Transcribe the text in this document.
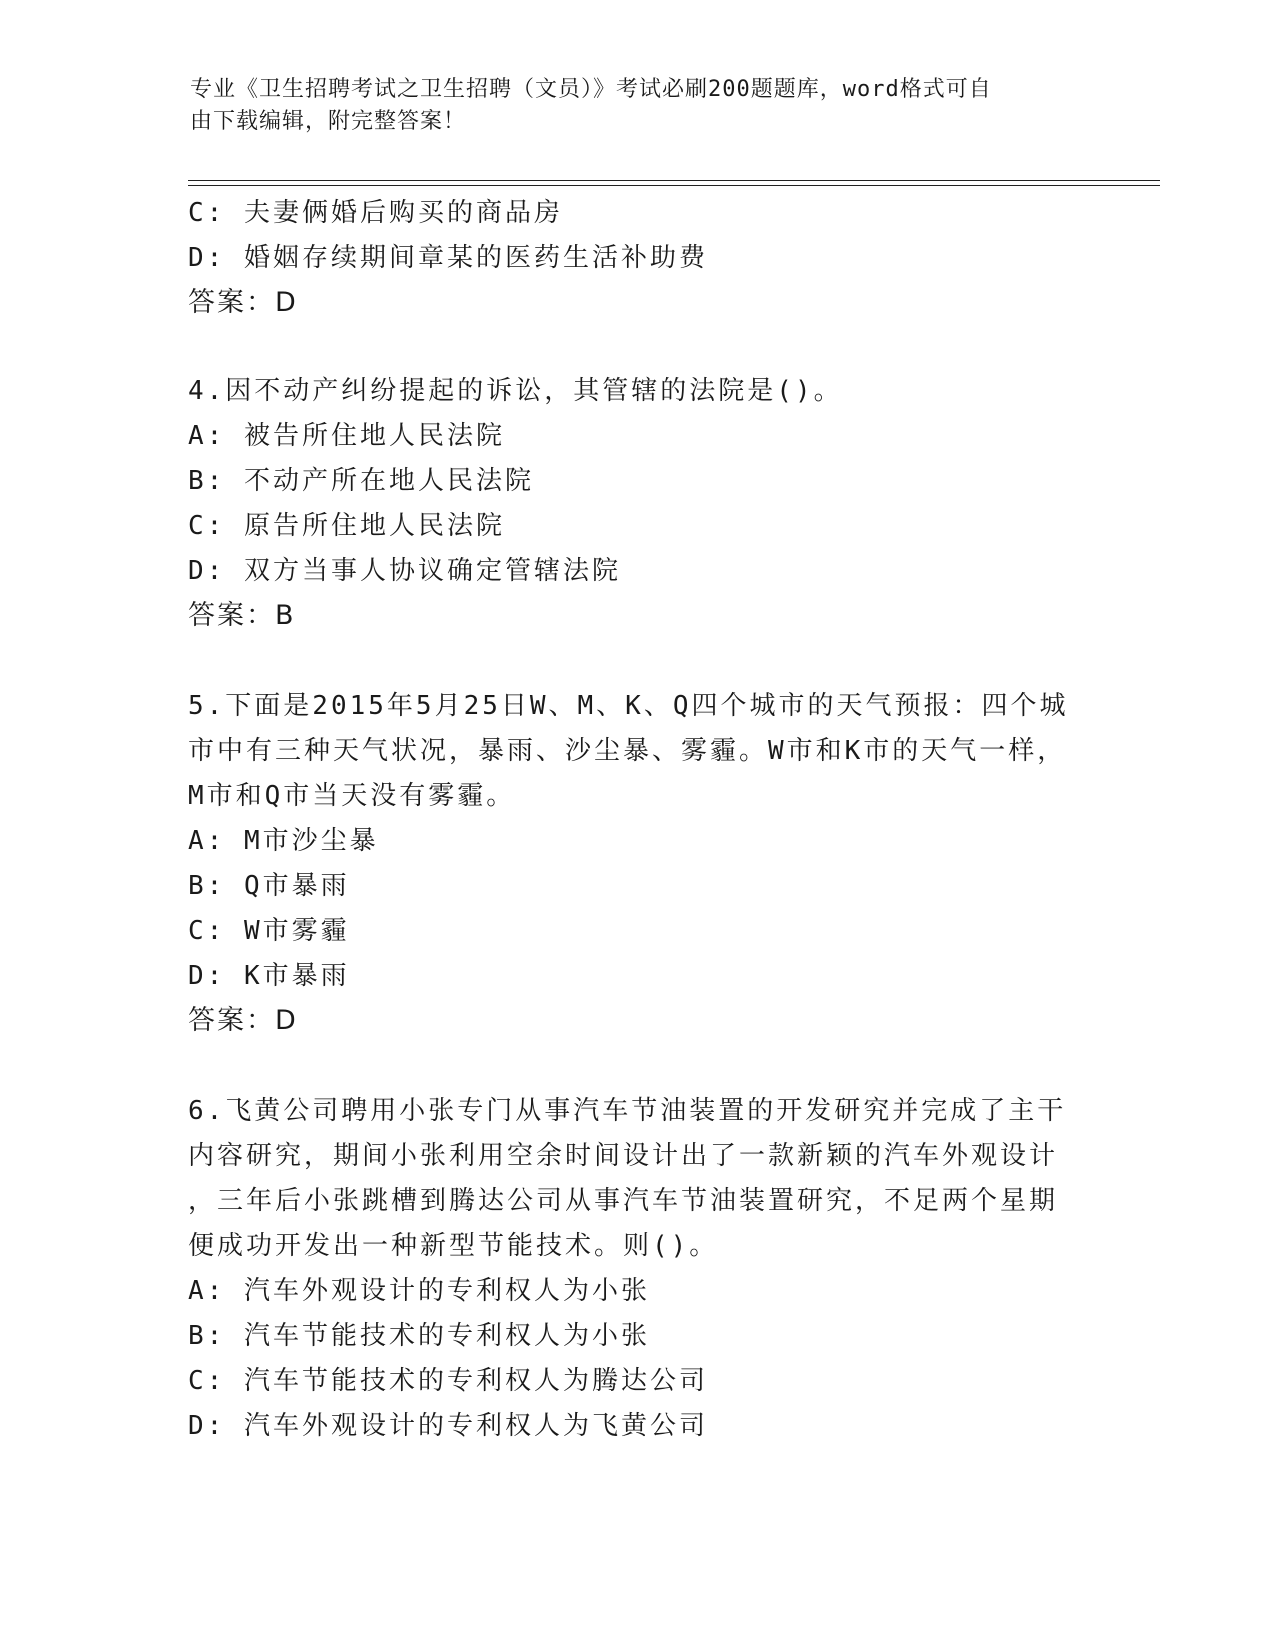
专业《卫生招聘考试之卫生招聘（文员）》考试必刷200题题库，word格式可自
由下载编辑，附完整答案！
C: 夫妻俩婚后购买的商品房
D: 婚姻存续期间章某的医药生活补助费
答案：D
4.因不动产纠纷提起的诉讼，其管辖的法院是()。
A: 被告所住地人民法院
B: 不动产所在地人民法院
C: 原告所住地人民法院
D: 双方当事人协议确定管辖法院
答案：B
5.下面是2015年5月25日W、M、K、Q四个城市的天气预报：四个城
市中有三种天气状况，暴雨、沙尘暴、雾霾。W市和K市的天气一样，
M市和Q市当天没有雾霾。
A: M市沙尘暴
B: Q市暴雨
C: W市雾霾
D: K市暴雨
答案：D
6.飞黄公司聘用小张专门从事汽车节油装置的开发研究并完成了主干
内容研究，期间小张利用空余时间设计出了一款新颖的汽车外观设计
，三年后小张跳槽到腾达公司从事汽车节油装置研究，不足两个星期
便成功开发出一种新型节能技术。则()。
A: 汽车外观设计的专利权人为小张
B: 汽车节能技术的专利权人为小张
C: 汽车节能技术的专利权人为腾达公司
D: 汽车外观设计的专利权人为飞黄公司
